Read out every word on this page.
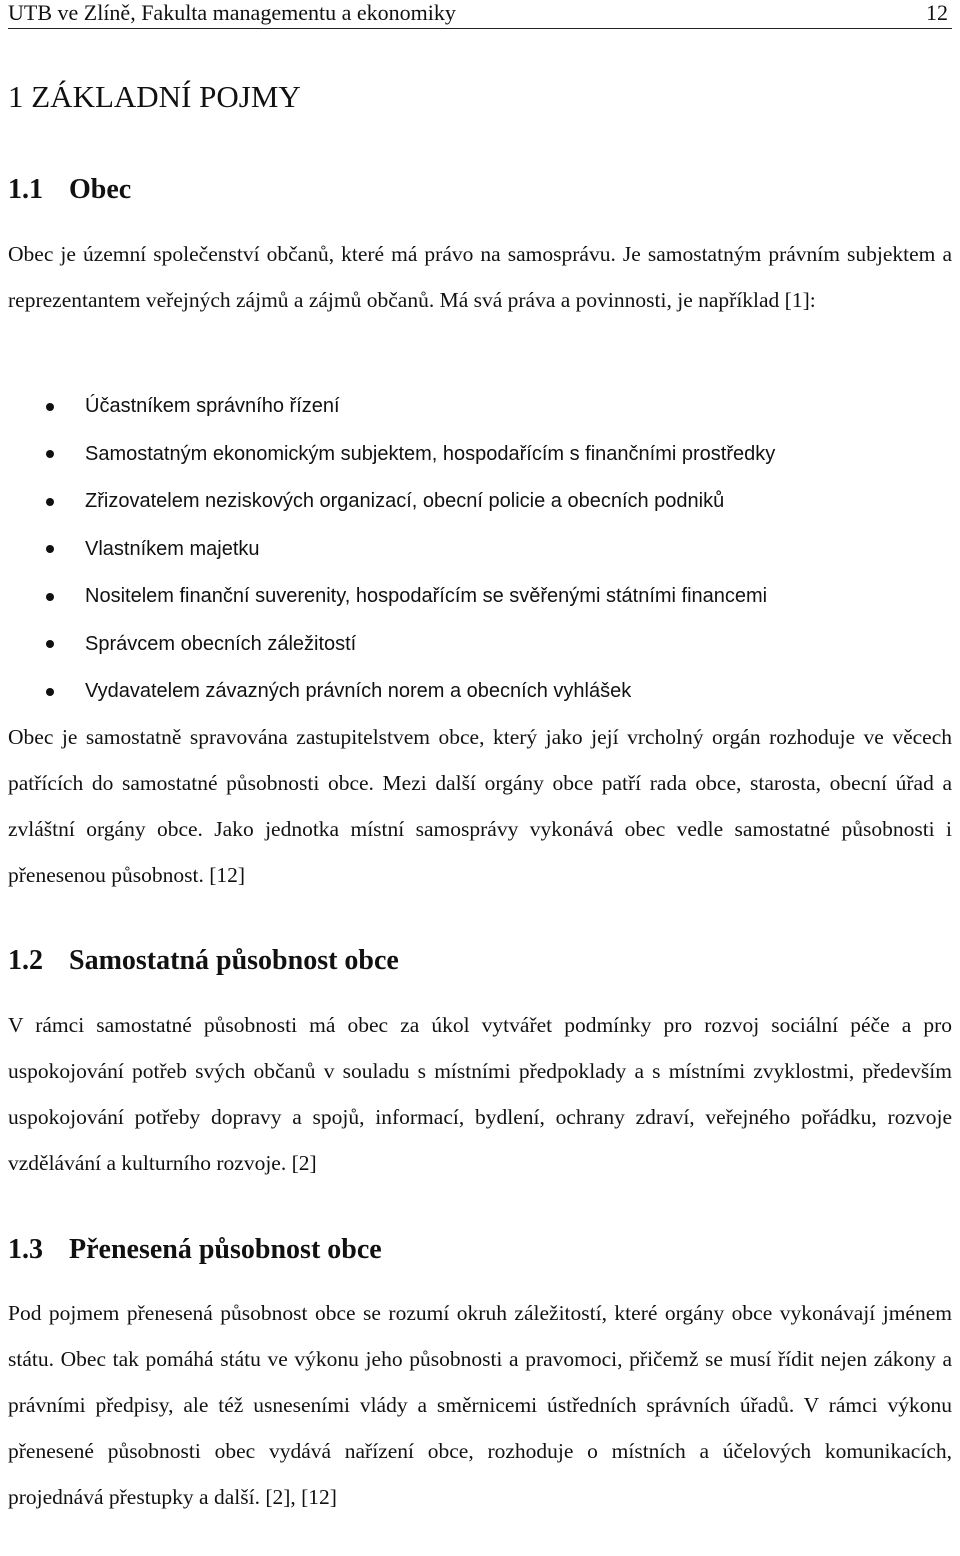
UTB ve Zlíně, Fakulta managementu a ekonomiky	12
1 ZÁKLADNÍ POJMY
1.1 Obec

Obec je územní společenství občanů, které má právo na samosprávu. Je samostatným právním subjektem a reprezentantem veřejných zájmů a zájmů občanů. Má svá práva a povinnosti, je například [1]:

Účastníkem správního řízení
Samostatným ekonomickým subjektem, hospodařícím s finančními prostředky
Zřizovatelem neziskových organizací, obecní policie a obecních podniků
Vlastníkem majetku
Nositelem finanční suverenity, hospodařícím se svěřenými státními financemi
Správcem obecních záležitostí
Vydavatelem závazných právních norem a obecních vyhlášek

Obec je samostatně spravována zastupitelstvem obce, který jako její vrcholný orgán rozhoduje ve věcech patřících do samostatné působnosti obce. Mezi další orgány obce patří rada obce, starosta, obecní úřad a zvláštní orgány obce. Jako jednotka místní samosprávy vykonává obec vedle samostatné působnosti i přenesenou působnost. [12]

1.2 Samostatná působnost obce

V rámci samostatné působnosti má obec za úkol vytvářet podmínky pro rozvoj sociální péče a pro uspokojování potřeb svých občanů v souladu s místními předpoklady a s místními zvyklostmi, především uspokojování potřeby dopravy a spojů, informací, bydlení, ochrany zdraví, veřejného pořádku, rozvoje vzdělávání a kulturního rozvoje. [2]

1.3 Přenesená působnost obce

Pod pojmem přenesená působnost obce se rozumí okruh záležitostí, které orgány obce vykonávají jménem státu. Obec tak pomáhá státu ve výkonu jeho působnosti a pravomoci, přičemž se musí řídit nejen zákony a právními předpisy, ale též usneseními vlády a směrnicemi ústředních správních úřadů. V rámci výkonu přenesené působnosti obec vydává nařízení obce, rozhoduje o místních a účelových komunikacích, projednává přestupky a další. [2], [12]
